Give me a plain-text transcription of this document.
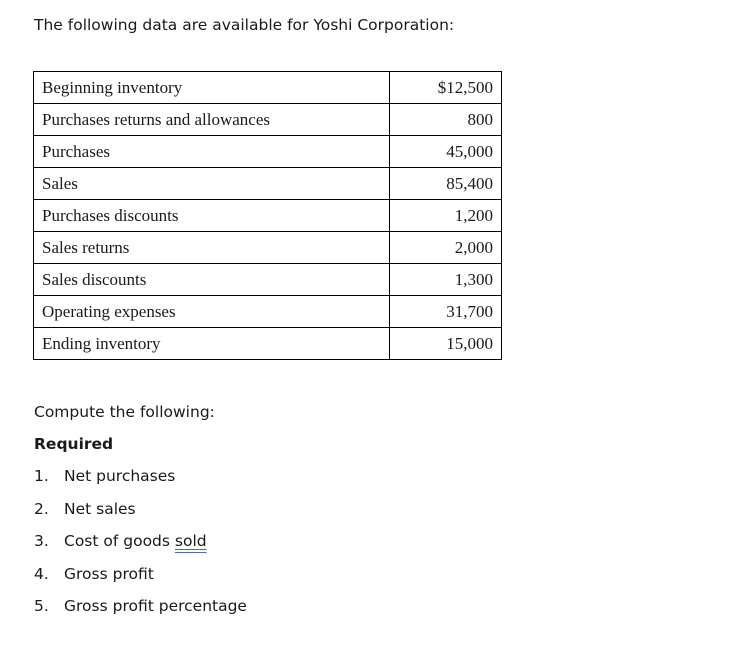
The following data are available for Yoshi Corporation:
Beginning inventory	$12,500
Purchases returns and allowances	800
Purchases	45,000
Sales	85,400
Purchases discounts	1,200
Sales returns	2,000
Sales discounts	1,300
Operating expenses	31,700
Ending inventory	15,000
Compute the following:
Required
1. Net purchases
2. Net sales
3. Cost of goods sold
4. Gross profit
5. Gross profit percentage
